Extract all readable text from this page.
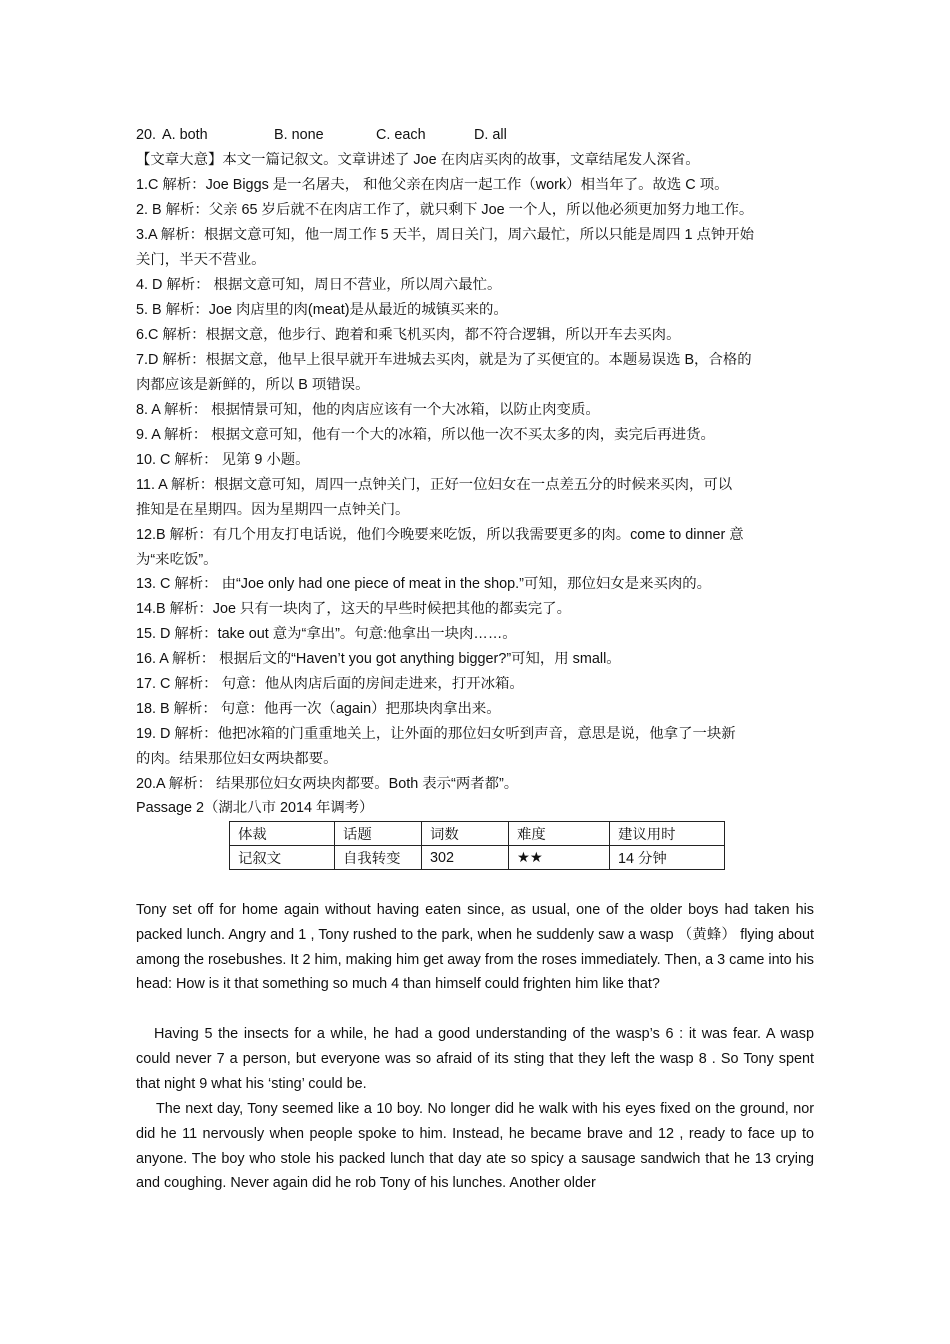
20. A. both	B. none	C. each	D. all
【文章大意】本文一篇记叙文。文章讲述了 Joe 在肉店买肉的故事，文章结尾发人深省。
1.C 解析：Joe Biggs 是一名屠夫， 和他父亲在肉店一起工作（work）相当年了。故选 C 项。
2. B 解析：父亲 65 岁后就不在肉店工作了，就只剩下 Joe 一个人，所以他必须更加努力地工作。
3.A 解析：根据文意可知，他一周工作 5 天半，周日关门，周六最忙，所以只能是周四 1 点钟开始
关门，半天不营业。
4. D 解析： 根据文意可知，周日不营业，所以周六最忙。
5. B 解析：Joe 肉店里的肉(meat)是从最近的城镇买来的。
6.C 解析：根据文意，他步行、跑着和乘飞机买肉，都不符合逻辑，所以开车去买肉。
7.D 解析：根据文意，他早上很早就开车进城去买肉，就是为了买便宜的。本题易误选 B，合格的
肉都应该是新鲜的，所以 B 项错误。
8. A 解析： 根据情景可知，他的肉店应该有一个大冰箱，以防止肉变质。
9. A 解析： 根据文意可知，他有一个大的冰箱，所以他一次不买太多的肉，卖完后再进货。
10. C 解析： 见第 9 小题。
11. A 解析：根据文意可知，周四一点钟关门，正好一位妇女在一点差五分的时候来买肉，可以
推知是在星期四。因为星期四一点钟关门。
12.B 解析：有几个用友打电话说，他们今晚要来吃饭，所以我需要更多的肉。come to dinner 意
为“来吃饭”。
13. C 解析： 由“Joe only had one piece of meat in the shop.”可知，那位妇女是来买肉的。
14.B 解析：Joe 只有一块肉了，这天的早些时候把其他的都卖完了。
15. D 解析：take out 意为“拿出”。句意:他拿出一块肉……。
16. A 解析： 根据后文的“Haven’t you got anything bigger?”可知，用 small。
17. C 解析： 句意：他从肉店后面的房间走进来，打开冰箱。
18. B 解析： 句意：他再一次（again）把那块肉拿出来。
19. D 解析：他把冰箱的门重重地关上，让外面的那位妇女听到声音，意思是说，他拿了一块新
的肉。结果那位妇女两块都要。
20.A 解析： 结果那位妇女两块肉都要。Both 表示“两者都”。
Passage 2（湖北八市 2014 年调考）
体裁	话题	词数	难度	建议用时
记叙文	自我转变	302	★★	14 分钟
Tony set off for home again without having eaten since, as usual, one of the older boys had taken his packed lunch. Angry and 1 , Tony rushed to the park, when he suddenly saw a wasp （黄蜂） flying about among the rosebushes. It 2 him, making him get away from the roses immediately. Then, a 3 came into his head: How is it that something so much 4 than himself could frighten him like that?
Having 5 the insects for a while, he had a good understanding of the wasp’s 6 : it was fear. A wasp could never 7 a person, but everyone was so afraid of its sting that they left the wasp 8 . So Tony spent that night 9 what his ‘sting’ could be.
The next day, Tony seemed like a 10 boy. No longer did he walk with his eyes fixed on the ground, nor did he 11 nervously when people spoke to him. Instead, he became brave and 12 , ready to face up to anyone. The boy who stole his packed lunch that day ate so spicy a sausage sandwich that he 13 crying and coughing. Never again did he rob Tony of his lunches. Another older
